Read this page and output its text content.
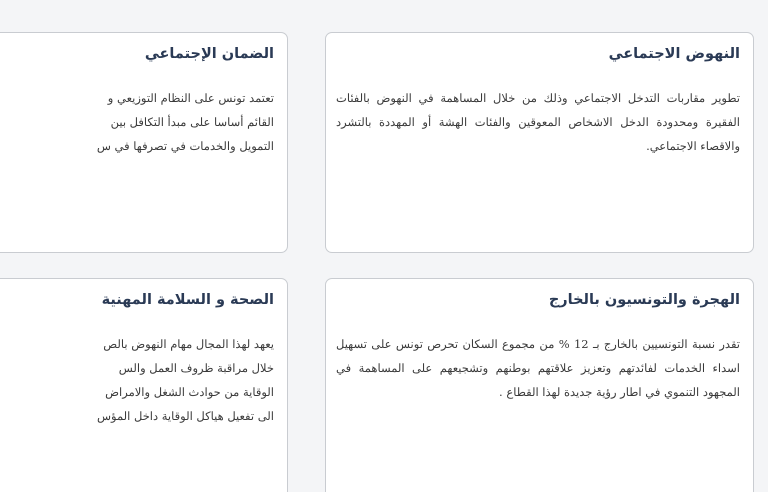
النهوض الاجتماعي

تطوير مقاربات التدخل الاجتماعي وذلك من خلال المساهمة في النهوض بالفئات الفقيرة ومحدودة الدخل الاشخاص المعوقين والفئات الهشة أو المهددة بالتشرد والاقصاء الاجتماعي.

الضمان الإجتماعي

تعتمد تونس على النظام التوزيعي و
القائم أساسا على مبدأ التكافل بين
التمويل والخدمات في تصرفها في س

الهجرة والتونسيون بالخارج

تقدر نسبة التونسيين بالخارج بـ 12 % من مجموع السكان تحرص تونس على تسهيل اسداء الخدمات لفائدتهم وتعزيز علاقتهم بوطنهم وتشجيعهم على المساهمة في المجهود التنموي في اطار رؤية جديدة لهذا القطاع .

الصحة و السلامة المهنية

يعهد لهذا المجال مهام النهوض بالص
خلال مراقبة ظروف العمل والس
الوقاية من حوادث الشغل والامراض
الى تفعيل هياكل الوقاية داخل المؤس
